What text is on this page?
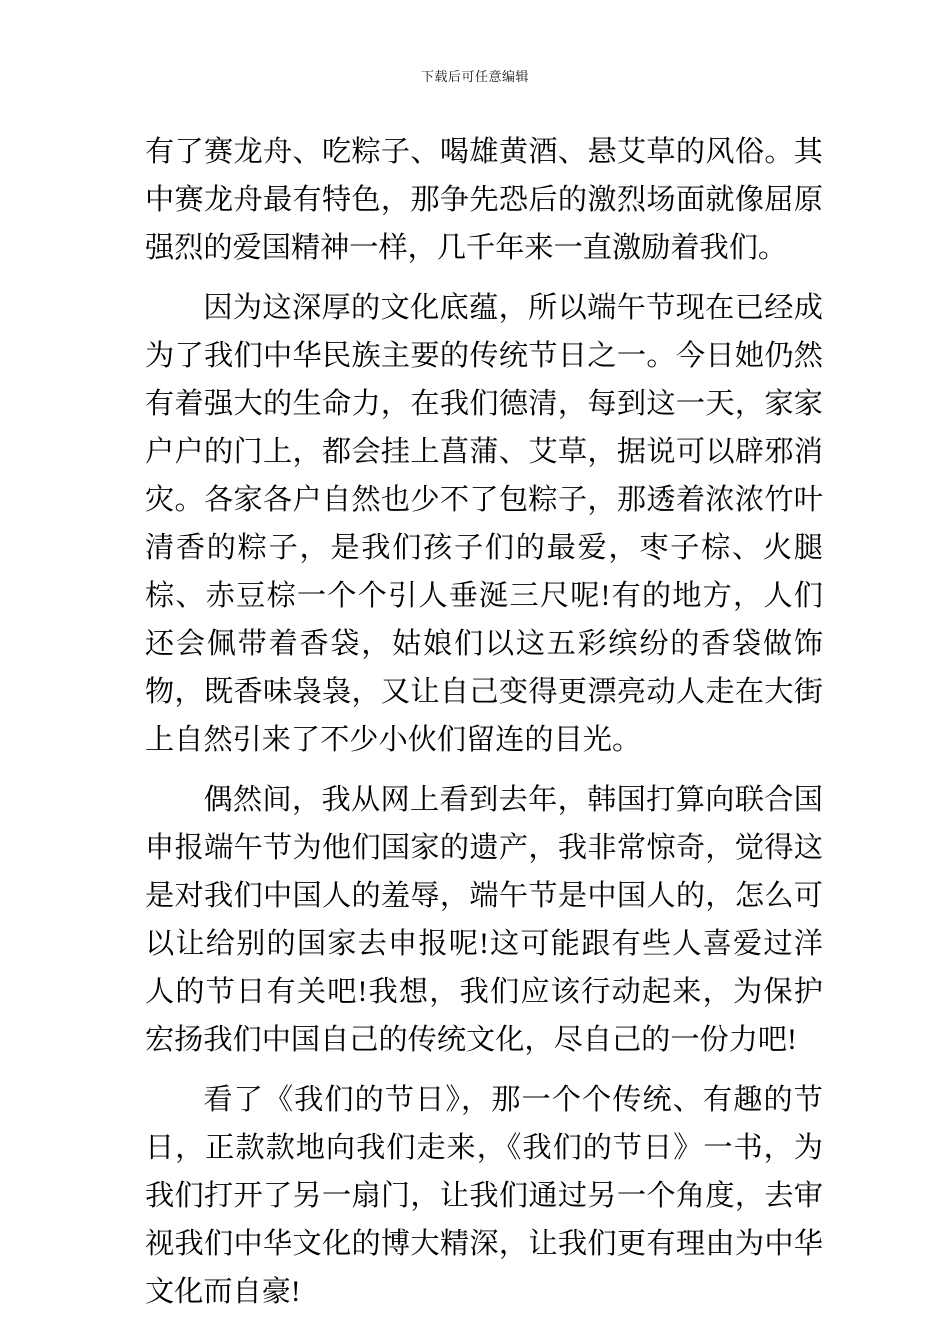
下载后可任意编辑

有了赛龙舟、吃粽子、喝雄黄酒、悬艾草的风俗。其中赛龙舟最有特色，那争先恐后的激烈场面就像屈原强烈的爱国精神一样，几千年来一直激励着我们。

因为这深厚的文化底蕴，所以端午节现在已经成为了我们中华民族主要的传统节日之一。今日她仍然有着强大的生命力，在我们德清，每到这一天，家家户户的门上，都会挂上菖蒲、艾草，据说可以辟邪消灾。各家各户自然也少不了包粽子，那透着浓浓竹叶清香的粽子，是我们孩子们的最爱，枣子棕、火腿棕、赤豆棕一个个引人垂涎三尺呢!有的地方，人们还会佩带着香袋，姑娘们以这五彩缤纷的香袋做饰物，既香味袅袅，又让自己变得更漂亮动人走在大街上自然引来了不少小伙们留连的目光。

偶然间，我从网上看到去年，韩国打算向联合国申报端午节为他们国家的遗产，我非常惊奇，觉得这是对我们中国人的羞辱，端午节是中国人的，怎么可以让给别的国家去申报呢!这可能跟有些人喜爱过洋人的节日有关吧!我想，我们应该行动起来，为保护宏扬我们中国自己的传统文化，尽自己的一份力吧!

看了《我们的节日》，那一个个传统、有趣的节日，正款款地向我们走来，《我们的节日》一书，为我们打开了另一扇门，让我们通过另一个角度，去审视我们中华文化的博大精深，让我们更有理由为中华文化而自豪!
